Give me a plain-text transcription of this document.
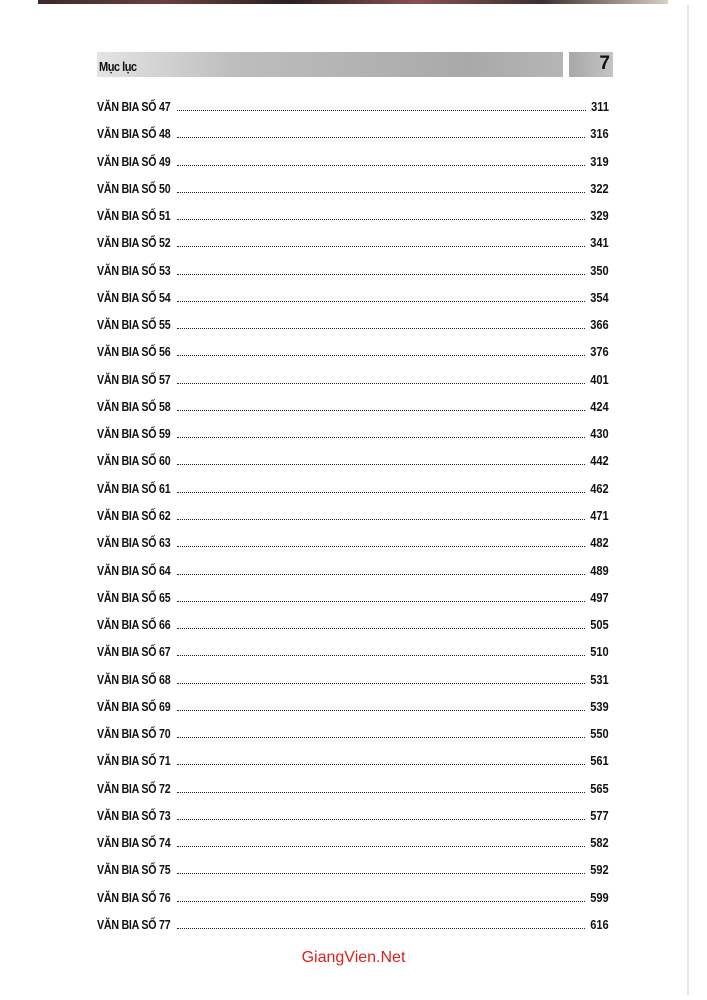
Mục lục	7
VĂN BIA SỐ 47	311
VĂN BIA SỐ 48	316
VĂN BIA SỐ 49	319
VĂN BIA SỐ 50	322
VĂN BIA SỐ 51	329
VĂN BIA SỐ 52	341
VĂN BIA SỐ 53	350
VĂN BIA SỐ 54	354
VĂN BIA SỐ 55	366
VĂN BIA SỐ 56	376
VĂN BIA SỐ 57	401
VĂN BIA SỐ 58	424
VĂN BIA SỐ 59	430
VĂN BIA SỐ 60	442
VĂN BIA SỐ 61	462
VĂN BIA SỐ 62	471
VĂN BIA SỐ 63	482
VĂN BIA SỐ 64	489
VĂN BIA SỐ 65	497
VĂN BIA SỐ 66	505
VĂN BIA SỐ 67	510
VĂN BIA SỐ 68	531
VĂN BIA SỐ 69	539
VĂN BIA SỐ 70	550
VĂN BIA SỐ 71	561
VĂN BIA SỐ 72	565
VĂN BIA SỐ 73	577
VĂN BIA SỐ 74	582
VĂN BIA SỐ 75	592
VĂN BIA SỐ 76	599
VĂN BIA SỐ 77	616
GiangVien.Net
